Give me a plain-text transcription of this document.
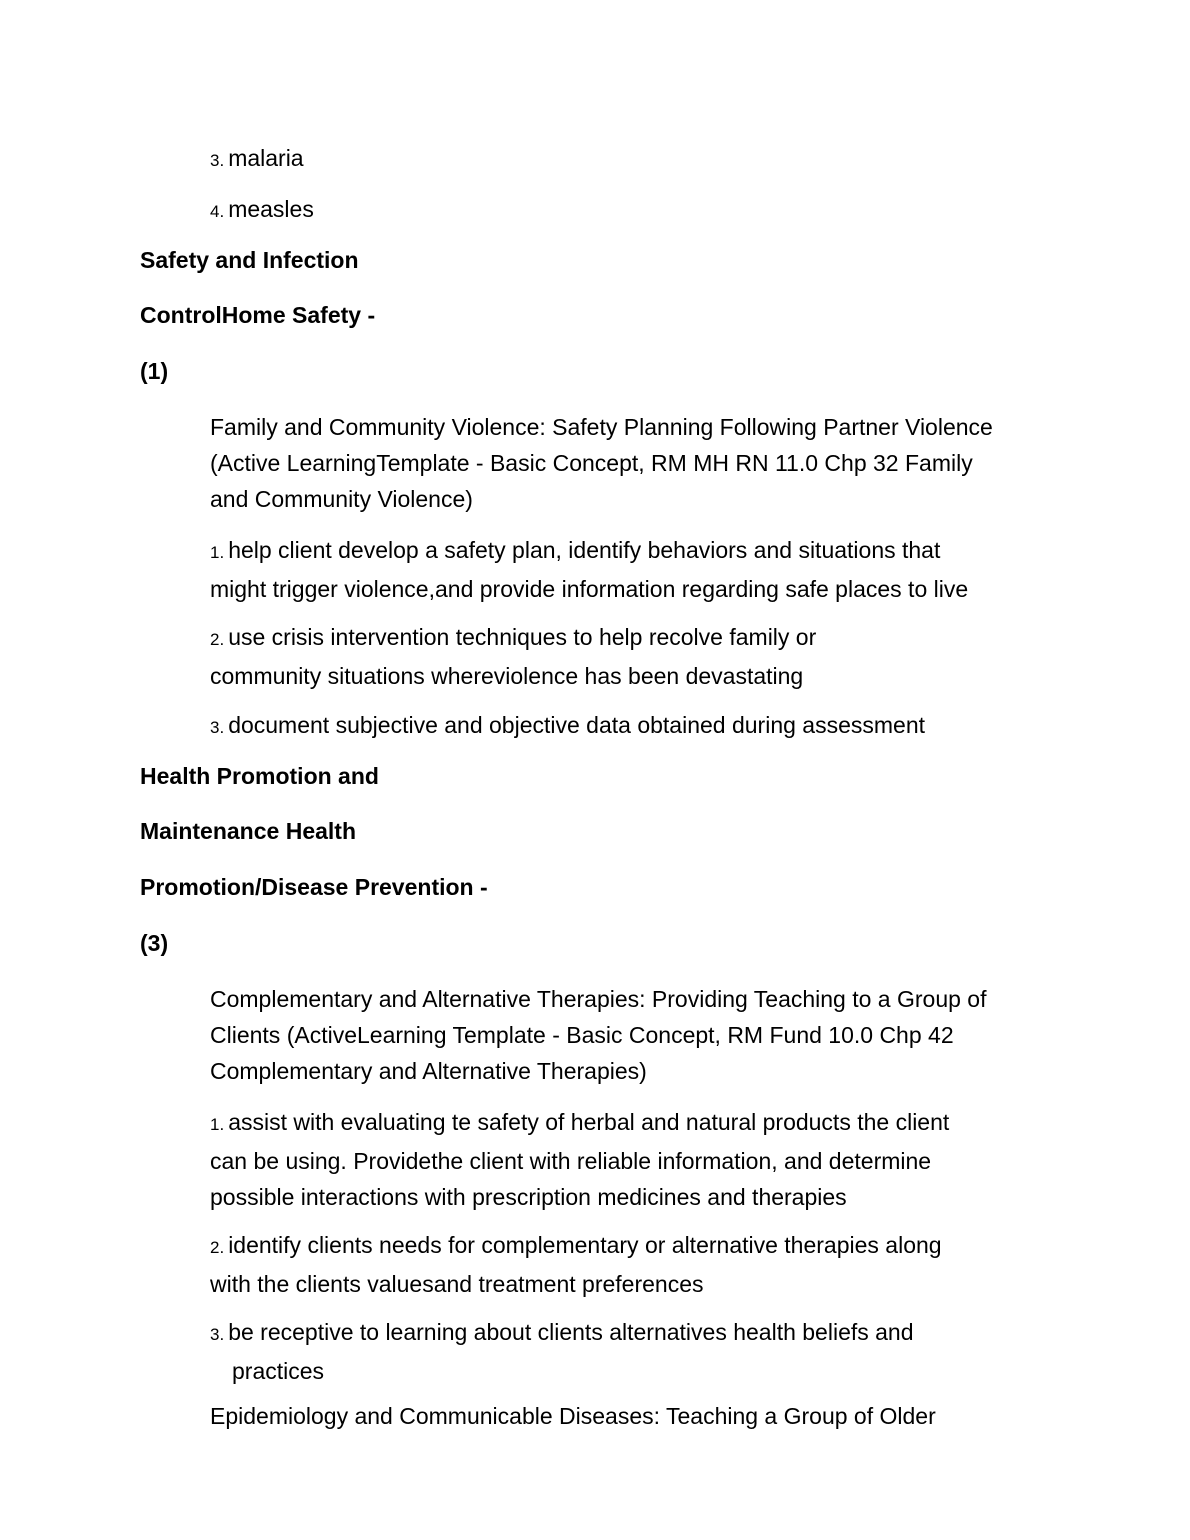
3. malaria
4. measles
Safety and Infection
ControlHome Safety -
(1)
Family and Community Violence: Safety Planning Following Partner Violence
(Active LearningTemplate - Basic Concept, RM MH RN 11.0 Chp 32 Family
and Community Violence)
1. help client develop a safety plan, identify behaviors and situations that
might trigger violence,and provide information regarding safe places to live
2. use crisis intervention techniques to help recolve family or
community situations whereviolence has been devastating
3. document subjective and objective data obtained during assessment
Health Promotion and
Maintenance Health
Promotion/Disease Prevention -
(3)
Complementary and Alternative Therapies: Providing Teaching to a Group of
Clients (ActiveLearning Template - Basic Concept, RM Fund 10.0 Chp 42
Complementary and Alternative Therapies)
1. assist with evaluating te safety of herbal and natural products the client
can be using. Providethe client with reliable information, and determine
possible interactions with prescription medicines and therapies
2. identify clients needs for complementary or alternative therapies along
with the clients valuesand treatment preferences
3. be receptive to learning about clients alternatives health beliefs and
practices
Epidemiology and Communicable Diseases: Teaching a Group of Older
